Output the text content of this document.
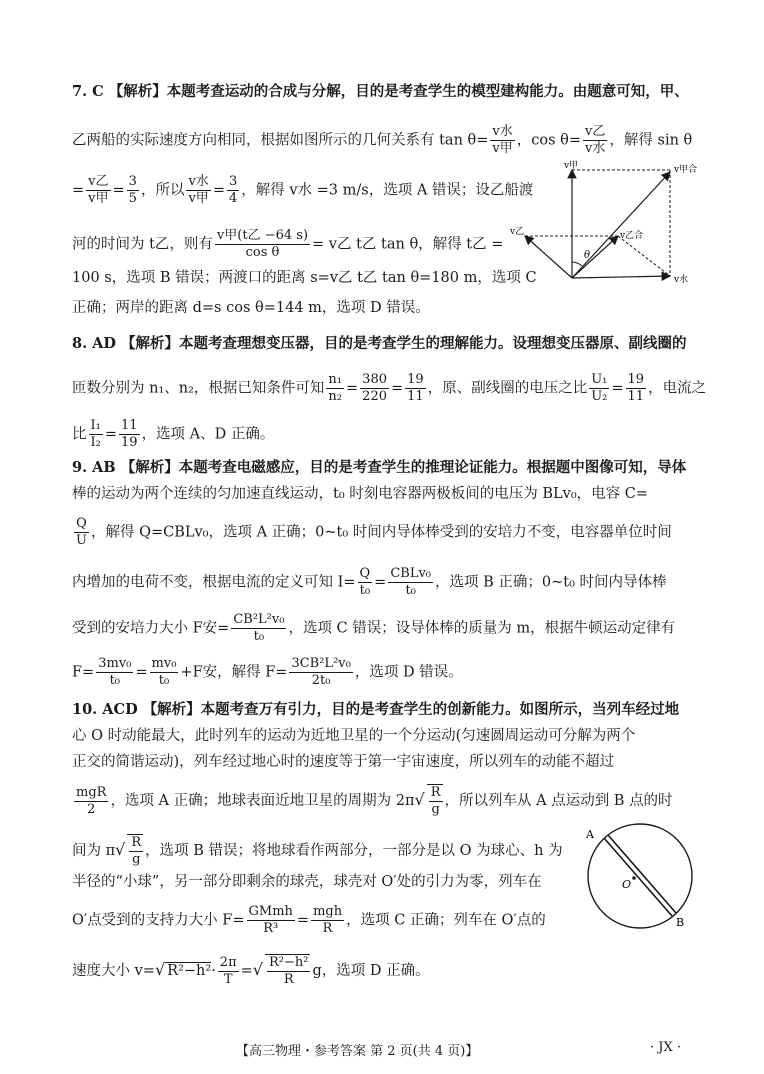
7. C 【解析】本题考查运动的合成与分解，目的是考查学生的模型建构能力。由题意可知，甲、
乙两船的实际速度方向相同，根据如图所示的几何关系有 $\tan \theta= \frac{\text{v水}}{\text{v甲}}$ ，$\cos \theta= \frac{\text{v乙}}{\text{v水}}$ ，解得 sin θ
= $\frac{\text{v乙}}{\text{v甲}} = \frac{3}{5}$ ，所以 $\frac{\text{v水}}{\text{v甲}} = \frac{3}{4}$ ，解得 v水 =3 m/s，选项 A 错误；设乙船渡
河的时间为 t乙，则有 $\frac{\text{v甲(t乙 −64 s)}}{\text{cos θ}} = v$乙 t乙 tan θ，解得 t乙 =
100 s，选项 B 错误；两渡口的距离 s=v乙 t乙 tan θ=180 m，选项 C
正确；两岸的距离 d=s cos θ=144 m，选项 D 错误。
v甲	v甲合
v乙	v乙合
θ
v水
8. AD 【解析】本题考查理想变压器，目的是考查学生的理解能力。设理想变压器原、副线圈的
匝数分别为 n₁、n₂，根据已知条件可知 $\frac{\text{n₁}}{\text{n₂}} = \frac{380}{220} = \frac{19}{11}$ ，原、副线圈的电压之比 $\frac{\text{U₁}}{\text{U₂}} = \frac{19}{11}$ ，电流之
比 $\frac{\text{I₁}}{\text{I₂}} = \frac{11}{19}$ ，选项 A、D 正确。
9. AB 【解析】本题考查电磁感应，目的是考查学生的推理论证能力。根据题中图像可知，导体
棒的运动为两个连续的匀加速直线运动，t₀ 时刻电容器两极板间的电压为 BLv₀，电容 C=
$\frac{Q}{U}$ ，解得 Q=CBLv₀，选项 A 正确；0~t₀ 时间内导体棒受到的安培力不变，电容器单位时间
内增加的电荷不变，根据电流的定义可知 $I= \frac{Q}{\text{t₀}} = \frac{\text{CBLv₀}}{\text{t₀}}$ ，选项 B 正确；0~t₀ 时间内导体棒
受到的安培力大小 F安= $\frac{\text{CB²L²v₀}}{\text{t₀}}$ ，选项 C 错误；设导体棒的质量为 m，根据牛顿运动定律有
$F= \frac{\text{3mv₀}}{\text{t₀}} = \frac{\text{mv₀}}{\text{t₀}} +F$安，解得 $F= \frac{\text{3CB²L²v₀}}{\text{2t₀}}$ ，选项 D 错误。
10. ACD 【解析】本题考查万有引力，目的是考查学生的创新能力。如图所示，当列车经过地
心 O 时动能最大，此时列车的运动为近地卫星的一个分运动(匀速圆周运动可分解为两个
正交的简谐运动)，列车经过地心时的速度等于第一宇宙速度，所以列车的动能不超过
$\frac{\text{mgR}}{2}$ ，选项 A 正确；地球表面近地卫星的周期为 $2\pi√ \frac{R}{g}$ ，所以列车从 A 点运动到 B 点的时
间为 $\pi√ \frac{R}{g}$ ，选项 B 错误；将地球看作两部分，一部分是以 O 为球心、h 为
半径的“小球”，另一部分即剩余的球壳，球壳对 O′处的引力为零，列车在
O′点受到的支持力大小 $F= \frac{\text{GMmh}}{\text{R³}} = \frac{\text{mgh}}{R}$ ，选项 C 正确；列车在 O′点的
速度大小 v=√ $R^2-h^2\cdot \frac{2\pi}{T}$ =√ $\frac{\text{R²−h²}}{R}$ g，选项 D 正确。
A
O
B
【高三物理・参考答案 第 2 页(共 4 页)】	· JX ·
